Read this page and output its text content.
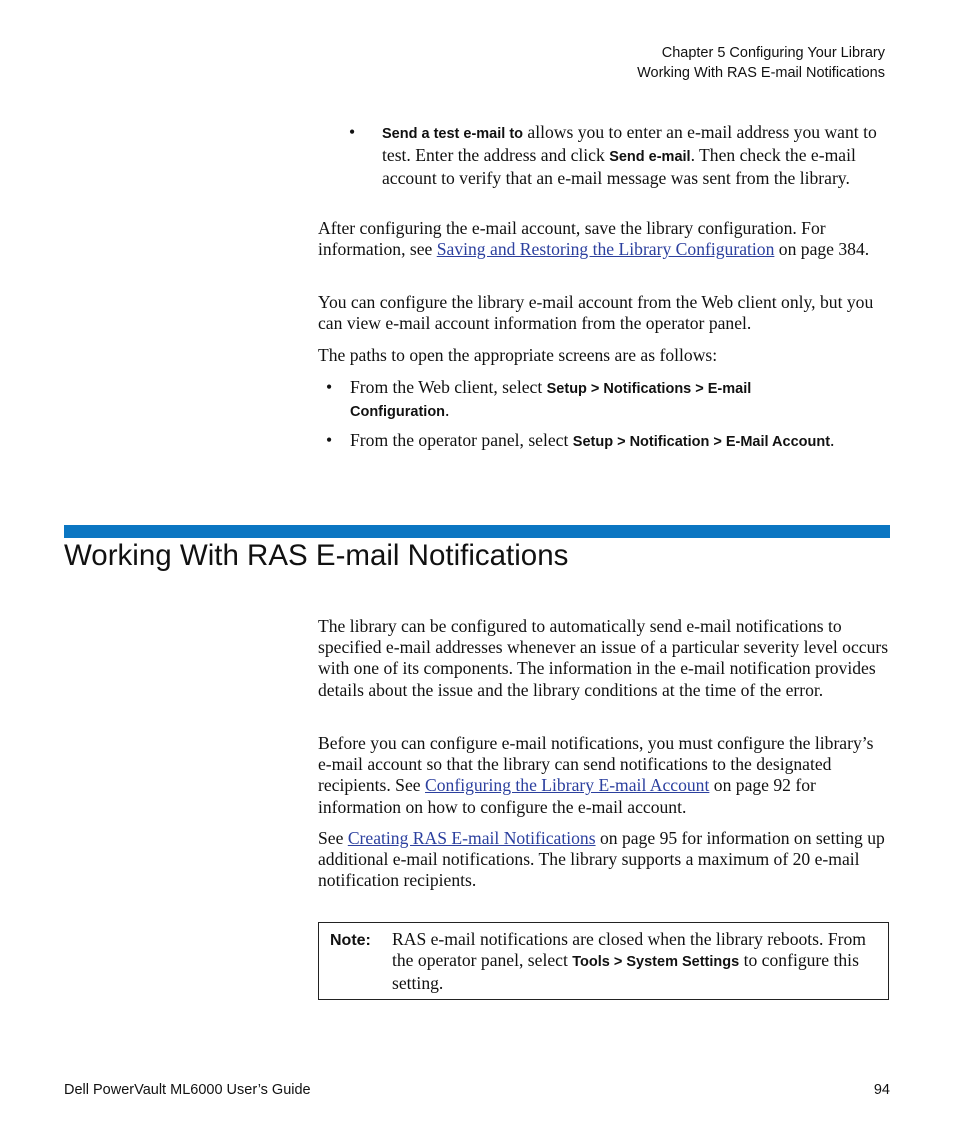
Chapter 5 Configuring Your Library
Working With RAS E-mail Notifications
• Send a test e-mail to allows you to enter an e-mail address you want to test. Enter the address and click Send e-mail. Then check the e-mail account to verify that an e-mail message was sent from the library.
After configuring the e-mail account, save the library configuration. For information, see Saving and Restoring the Library Configuration on page 384.
You can configure the library e-mail account from the Web client only, but you can view e-mail account information from the operator panel.
The paths to open the appropriate screens are as follows:
• From the Web client, select Setup > Notifications > E-mail Configuration.
• From the operator panel, select Setup > Notification > E-Mail Account.
Working With RAS E-mail Notifications
The library can be configured to automatically send e-mail notifications to specified e-mail addresses whenever an issue of a particular severity level occurs with one of its components. The information in the e-mail notification provides details about the issue and the library conditions at the time of the error.
Before you can configure e-mail notifications, you must configure the library’s e-mail account so that the library can send notifications to the designated recipients. See Configuring the Library E-mail Account on page 92 for information on how to configure the e-mail account.
See Creating RAS E-mail Notifications on page 95 for information on setting up additional e-mail notifications. The library supports a maximum of 20 e-mail notification recipients.
Note: RAS e-mail notifications are closed when the library reboots. From the operator panel, select Tools > System Settings to configure this setting.
Dell PowerVault ML6000 User’s Guide	94
